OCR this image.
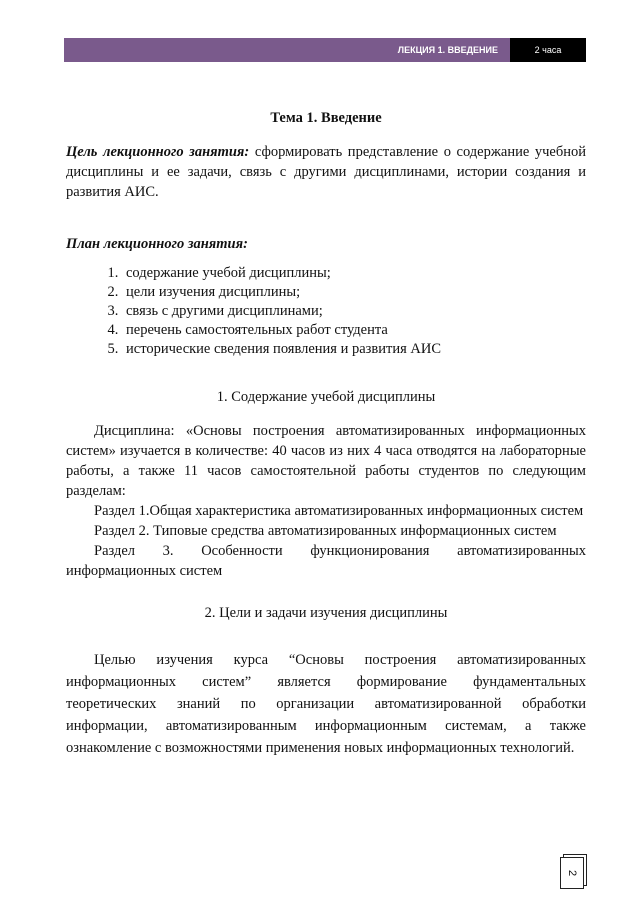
ЛЕКЦИЯ 1. ВВЕДЕНИЕ	2 часа

Тема 1. Введение

Цель лекционного занятия: сформировать представление о содержание учебной дисциплины и ее задачи, связь с другими дисциплинами, истории создания и развития АИС.

План лекционного занятия:

1. содержание учебой дисциплины;
2. цели изучения дисциплины;
3. связь с другими дисциплинами;
4. перечень самостоятельных работ студента
5. исторические сведения появления и развития АИС

1. Содержание учебой дисциплины

Дисциплина: «Основы построения автоматизированных информационных систем» изучается в количестве: 40 часов из них 4 часа отводятся на лабораторные работы, а также 11 часов самостоятельной работы студентов по следующим разделам:

Раздел 1.Общая характеристика автоматизированных информационных систем

Раздел 2. Типовые средства автоматизированных информационных систем

Раздел 3. Особенности функционирования автоматизированных информационных систем

2. Цели и задачи изучения дисциплины

Целью изучения курса “Основы построения автоматизированных информационных систем” является формирование фундаментальных теоретических знаний по организации автоматизированной обработки информации, автоматизированным информационным системам, а также ознакомление с возможностями применения новых информационных технологий.

2
